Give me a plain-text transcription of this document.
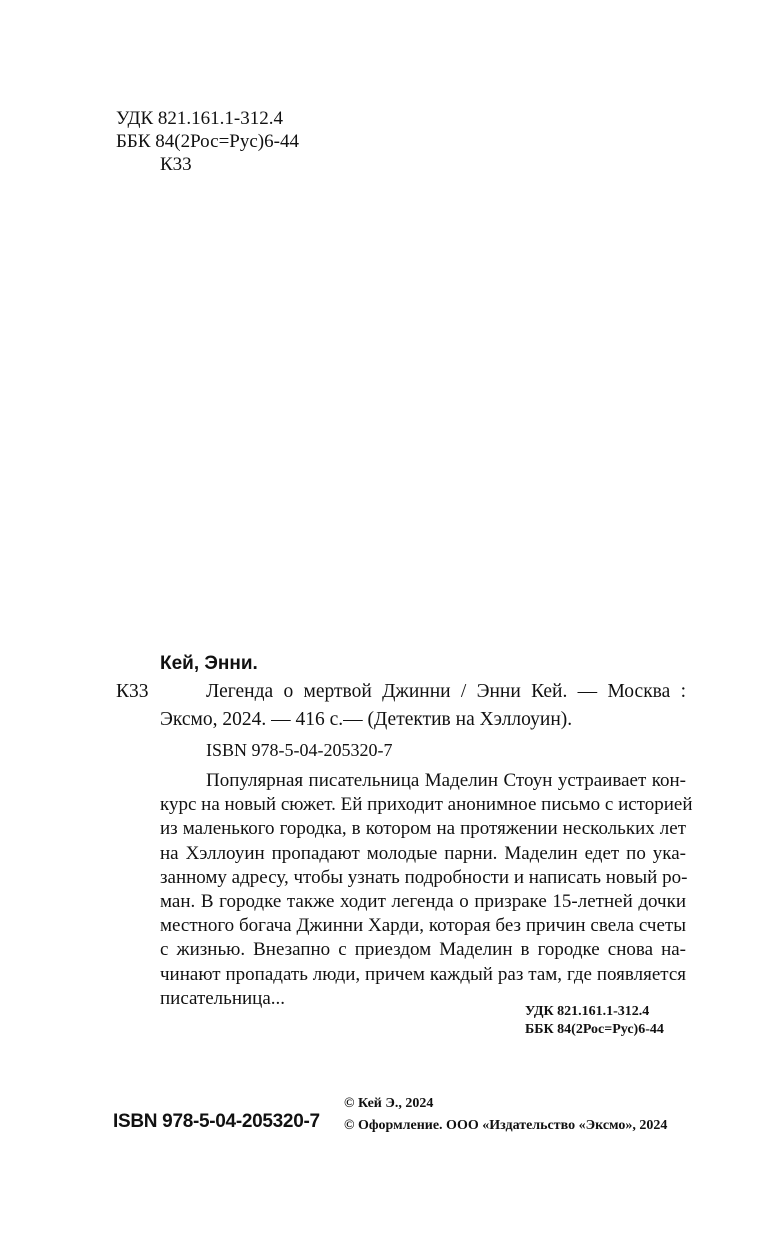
УДК 821.161.1-312.4
ББК 84(2Рос=Рус)6-44
К33
Кей, Энни.
К33	Легенда о мертвой Джинни / Энни Кей. — Москва :
Эксмо, 2024. — 416 с.— (Детектив на Хэллоуин).
ISBN 978-5-04-205320-7
Популярная писательница Маделин Стоун устраивает кон-
курс на новый сюжет. Ей приходит анонимное письмо с историей
из маленького городка, в котором на протяжении нескольких лет
на Хэллоуин пропадают молодые парни. Маделин едет по ука-
занному адресу, чтобы узнать подробности и написать новый ро-
ман. В городке также ходит легенда о призраке 15-летней дочки
местного богача Джинни Харди, которая без причин свела счеты
с жизнью. Внезапно с приездом Маделин в городке снова на-
чинают пропадать люди, причем каждый раз там, где появляется
писательница...
УДК 821.161.1-312.4
ББК 84(2Рос=Рус)6-44
ISBN 978-5-04-205320-7
© Кей Э., 2024
© Оформление. ООО «Издательство «Эксмо», 2024
